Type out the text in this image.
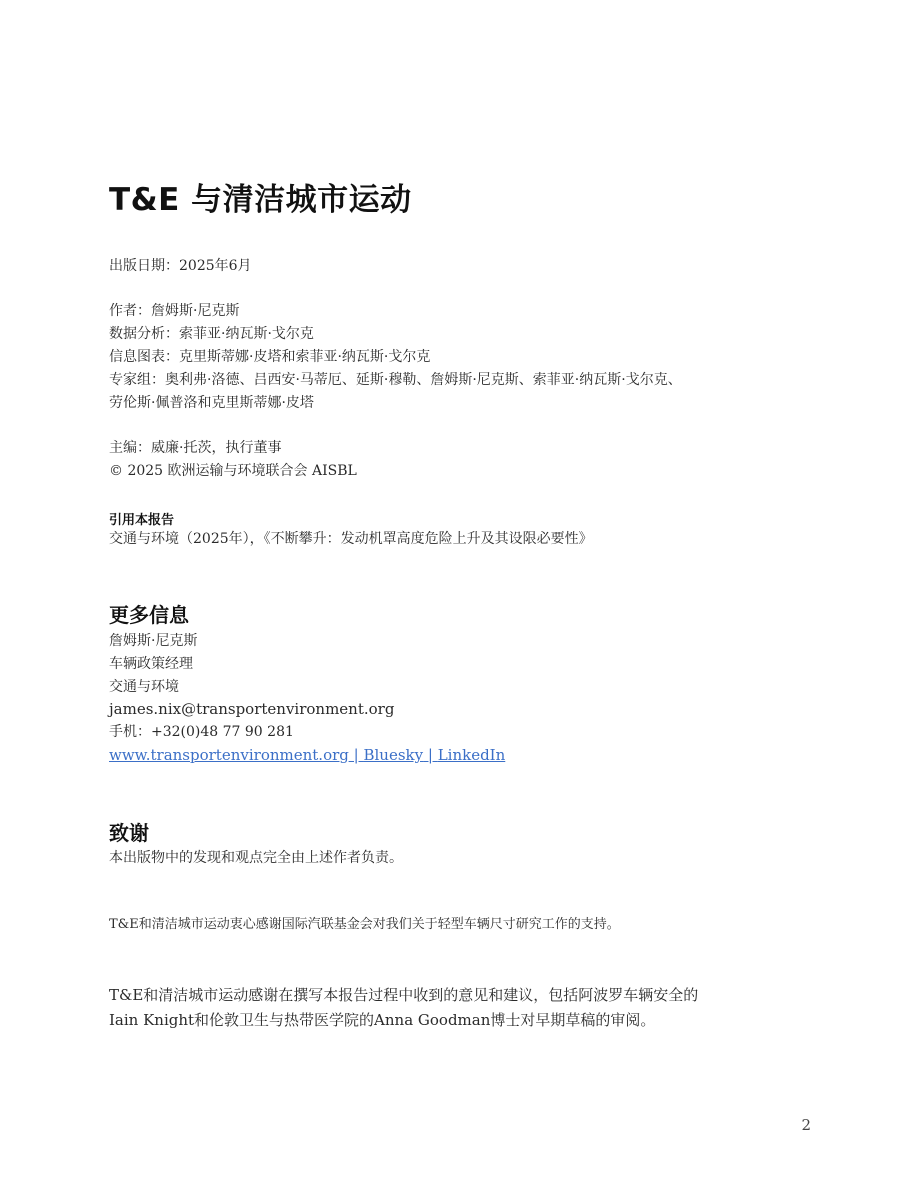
T&E 与清洁城市运动
出版日期：2025年6月
作者：詹姆斯·尼克斯
数据分析：索菲亚·纳瓦斯·戈尔克
信息图表：克里斯蒂娜·皮塔和索菲亚·纳瓦斯·戈尔克
专家组：奥利弗·洛德、吕西安·马蒂厄、延斯·穆勒、詹姆斯·尼克斯、索菲亚·纳瓦斯·戈尔克、
劳伦斯·佩普洛和克里斯蒂娜·皮塔
主编：威廉·托茨，执行董事
© 2025 欧洲运输与环境联合会 AISBL
引用本报告
交通与环境（2025年），《不断攀升：发动机罩高度危险上升及其设限必要性》
更多信息
詹姆斯·尼克斯
车辆政策经理
交通与环境
james.nix@transportenvironment.org
手机：+32(0)48 77 90 281
www.transportenvironment.org | Bluesky | LinkedIn
致谢
本出版物中的发现和观点完全由上述作者负责。
T&E和清洁城市运动衷心感谢国际汽联基金会对我们关于轻型车辆尺寸研究工作的支持。
T&E和清洁城市运动感谢在撰写本报告过程中收到的意见和建议，包括阿波罗车辆安全的
Iain Knight和伦敦卫生与热带医学院的Anna Goodman博士对早期草稿的审阅。
2
